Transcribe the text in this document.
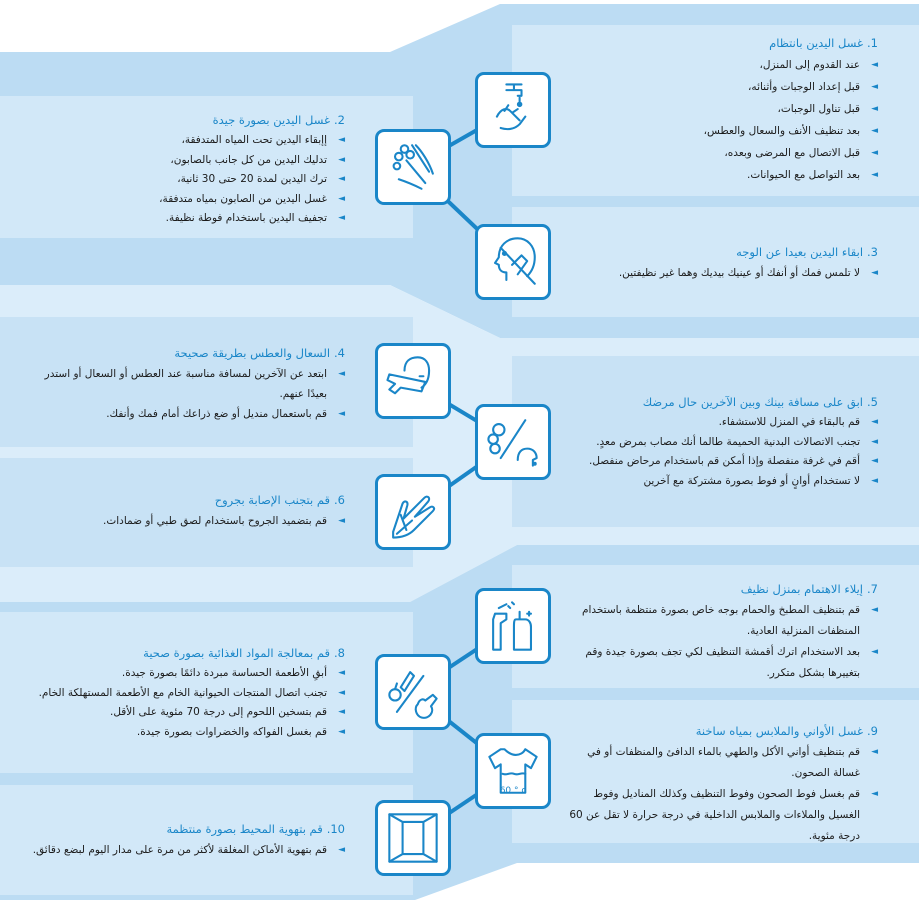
1.غسل اليدين بانتظام
◄
عند القدوم إلى المنزل،
◄
قبل إعداد الوجبات وأثنائه،
◄
قبل تناول الوجبات،
◄
بعد تنظيف الأنف والسعال والعطس،
◄
قبل الاتصال مع المرضى وبعده،
◄
بعد التواصل مع الحيوانات.
2.غسل اليدين بصورة جيدة
◄
إإبقاء اليدين تحت المياه المتدفقة،
◄
تدليك اليدين من كل جانب بالصابون،
◄
ترك اليدين لمدة 20 حتى 30 ثانية،
◄
غسل اليدين من الصابون بمياه متدفقة،
◄
تجفيف اليدين باستخدام فوطة نظيفة.
3.ابقاء اليدين بعيدا عن الوجه
◄
لا تلمس فمك أو أنفك أو عينيك بيديك وهما غير نظيفتين.
4.السعال والعطس بطريقة صحيحة
◄
ابتعد عن الآخرين لمسافة مناسبة عند العطس أو السعال أو استدر بعيدًا عنهم.
◄
قم باستعمال منديل أو ضع ذراعك أمام فمك وأنفك.
5.ابق على مسافة بينك وبين الآخرين حال مرضك
◄
قم بالبقاء في المنزل للاستشفاء.
◄
تجنب الاتصالات البدنية الحميمة طالما أنك مصاب بمرض معدٍ.
◄
أقم في غرفة منفصلة وإذا أمكن قم باستخدام مرحاض منفصل.
◄
لا تستخدام أوانٍ أو فوط بصورة مشتركة مع آخرين
6.قم بتجنب الإصابة بجروح
◄
قم بتضميد الجروح باستخدام لصق طبي أو ضمادات.
7.إيلاء الاهتمام بمنزل نظيف
◄
قم بتنظيف المطبخ والحمام بوجه خاص بصورة منتظمة باستخدام المنظفات المنزلية العادية.
◄
بعد الاستخدام اترك أقمشة التنظيف لكي تجف بصورة جيدة وقم بتغييرها بشكل متكرر.
8.قم بمعالجة المواد الغذائية بصورة صحية
◄
أبقِ الأطعمة الحساسة مبردة دائمًا بصورة جيدة.
◄
تجنب اتصال المنتجات الحيوانية الخام مع الأطعمة المستهلكة الخام.
◄
قم بتسخين اللحوم إلى درجة 70 مئوية على الأقل.
◄
قم بغسل الفواكه والخضراوات بصورة جيدة.	9.غسل الأواني والملابس بمياه ساخنة
◄
قم بتنظيف أواني الأكل والطهي بالماء الدافئ والمنظفات أو في غسالة الصحون.
◄
قم بغسل فوط الصحون وفوط التنظيف وكذلك المناديل وفوط الغسيل والملاءات والملابس الداخلية في درجة حرارة لا تقل عن 60 درجة مئوية.
60 ° c
10.قم بتهوية المحيط بصورة منتظمة
◄
قم بتهوية الأماكن المغلقة لأكثر من مرة على مدار اليوم لبضع دقائق.
